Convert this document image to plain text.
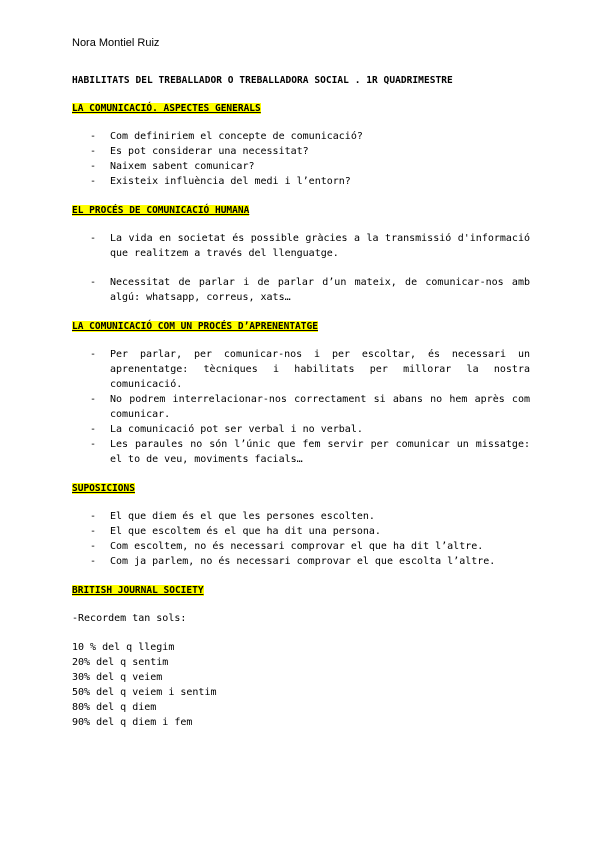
Nora Montiel Ruiz

HABILITATS DEL TREBALLADOR O TREBALLADORA SOCIAL . 1R QUADRIMESTRE

LA COMUNICACIÓ. ASPECTES GENERALS

- Com definiriem el concepte de comunicació?
- Es pot considerar una necessitat?
- Naixem sabent comunicar?
- Existeix influència del medi i l’entorn?

EL PROCÉS DE COMUNICACIÓ HUMANA

- La vida en societat és possible gràcies a la transmissió d'informació que realitzem a través del llenguatge.
- Necessitat de parlar i de parlar d’un mateix, de comunicar-nos amb algú: whatsapp, correus, xats…

LA COMUNICACIÓ COM UN PROCÉS D’APRENENTATGE

- Per parlar, per comunicar-nos i per escoltar, és necessari un aprenentatge: tècniques i habilitats per millorar la nostra comunicació.
- No podrem interrelacionar-nos correctament si abans no hem après com comunicar.
- La comunicació pot ser verbal i no verbal.
- Les paraules no són l’únic que fem servir per comunicar un missatge: el to de veu, moviments facials…

SUPOSICIONS

- El que diem és el que les persones escolten.
- El que escoltem és el que ha dit una persona.
- Com escoltem, no és necessari comprovar el que ha dit l’altre.
- Com ja parlem, no és necessari comprovar el que escolta l’altre.

BRITISH JOURNAL SOCIETY

-Recordem tan sols:

10 % del q llegim

20% del q sentim

30% del q veiem

50% del q veiem i sentim

80% del q diem

90% del q diem i fem
